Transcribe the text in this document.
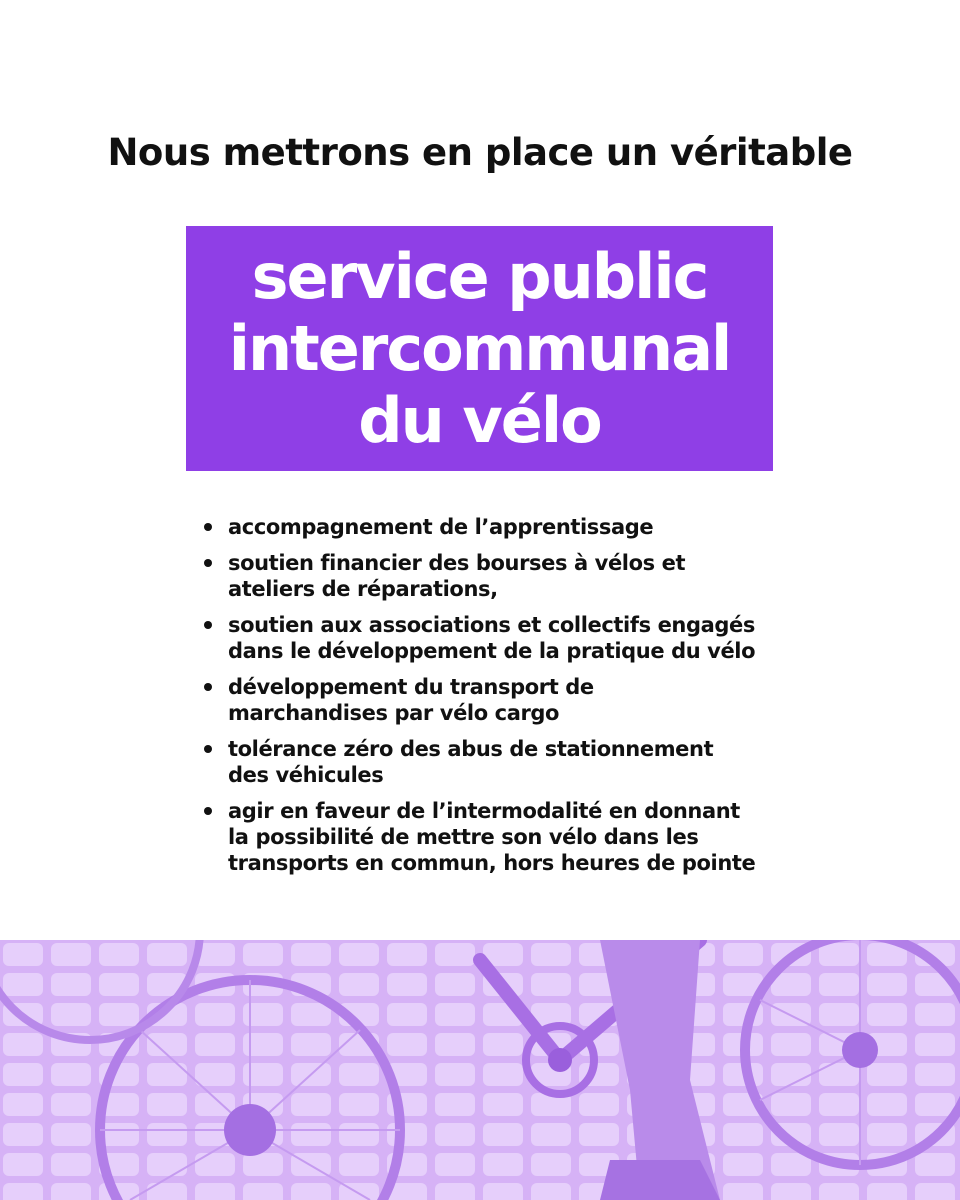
Nous mettrons en place un véritable
service public
intercommunal
du vélo
accompagnement de l’apprentissage
soutien financier des bourses à vélos et
ateliers de réparations,
soutien aux associations et collectifs engagés
dans le développement de la pratique du vélo
développement du transport de
marchandises par vélo cargo
tolérance zéro des abus de stationnement
des véhicules
agir en faveur de l’intermodalité en donnant
la possibilité de mettre son vélo dans les
transports en commun, hors heures de pointe
